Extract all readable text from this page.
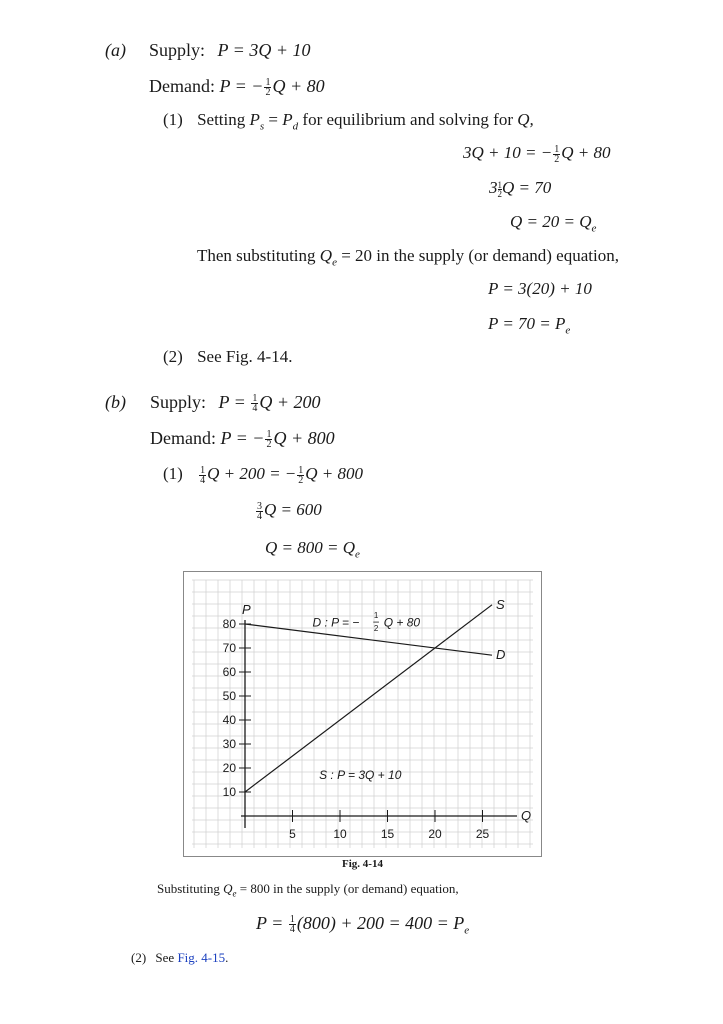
(a) Supply: P = 3Q + 10
Demand: P = − $\frac{1}{2}$ Q + 80
(1) Setting $P_s = P_d$ for equilibrium and solving for Q,
3Q + 10 = − $\frac{1}{2}$ Q + 80
$3 \frac{1}{2}Q = 70$
$Q = 20 = Q_e$
Then substituting $Q_e = 20$ in the supply (or demand) equation,
P = 3(20) + 10
$P = 70 = P_e$
(2) See Fig. 4-14.
(b) Supply: $P = \frac{1}{4}$ Q + 200
Demand: P = − $\frac{1}{2}$ Q + 800
$(1) \frac{1}{4}$ Q + 200 = − $\frac{1}{2}$ Q + 800
$\frac{3}{4}$ Q = 600
$Q = 800 = Q_e$
P
Q
10
20
30
40
50
60
70
80
5	10	15	20	25
S
D
D : P = − 1
2 Q + 80
S : P = 3Q + 10
Fig. 4-14
Substituting $Q_e = 800$ in the supply (or demand) equation,
$P = \frac{1}{4} (800) + 200 = 400 = P_e$
(2) See Fig. 4-15.
